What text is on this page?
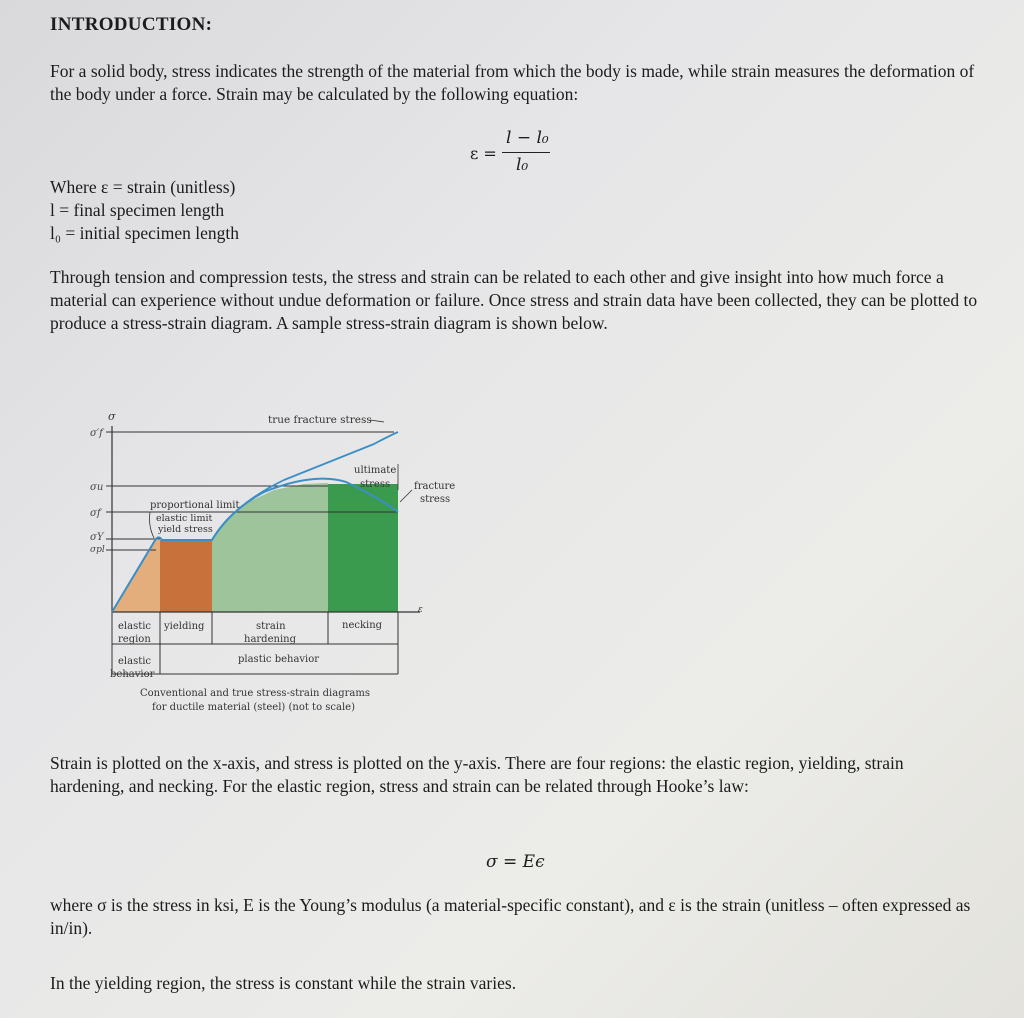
INTRODUCTION:
For a solid body, stress indicates the strength of the material from which the body is made, while strain measures the deformation of the body under a force. Strain may be calculated by the following equation:
ε =
l − l₀
l₀
Where ε = strain (unitless)
l = final specimen length
l₀ = initial specimen length
Through tension and compression tests, the stress and strain can be related to each other and give insight into how much force a material can experience without undue deformation or failure. Once stress and strain data have been collected, they can be plotted to produce a stress-strain diagram. A sample stress-strain diagram is shown below.
σ
ε
σ′f
σu
σf
σY
σpl
true fracture stress
ultimate
stress fracture
stress
proportional limit
elastic limit
yield stress
elastic
region
yielding	strain
hardening
necking
elastic
behavior
plastic behavior
Conventional and true stress-strain diagrams
for ductile material (steel) (not to scale)
Strain is plotted on the x-axis, and stress is plotted on the y-axis. There are four regions: the elastic region, yielding, strain hardening, and necking. For the elastic region, stress and strain can be related through Hooke’s law:
σ = Eϵ
where σ is the stress in ksi, E is the Young’s modulus (a material-specific constant), and ε is the strain (unitless – often expressed as in/in).
In the yielding region, the stress is constant while the strain varies.
